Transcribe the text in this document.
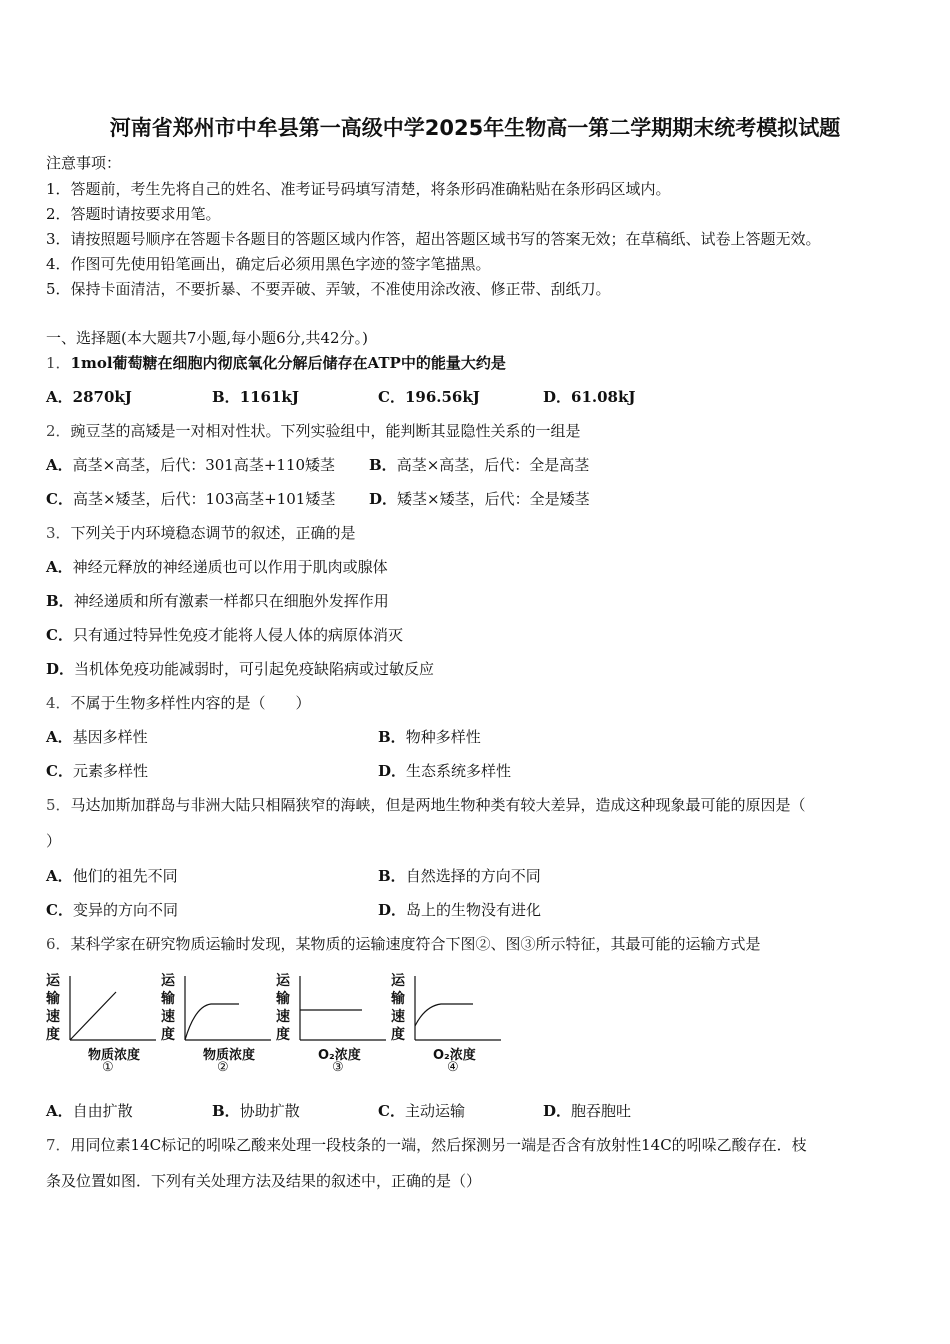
河南省郑州市中牟县第一高级中学2025年生物高一第二学期期末统考模拟试题
注意事项：
1．答题前，考生先将自己的姓名、准考证号码填写清楚，将条形码准确粘贴在条形码区域内。
2．答题时请按要求用笔。
3．请按照题号顺序在答题卡各题目的答题区域内作答，超出答题区域书写的答案无效；在草稿纸、试卷上答题无效。
4．作图可先使用铅笔画出，确定后必须用黑色字迹的签字笔描黑。
5．保持卡面清洁，不要折暴、不要弄破、弄皱，不准使用涂改液、修正带、刮纸刀。
一、选择题(本大题共7小题,每小题6分,共42分。)
1．1mol葡萄糖在细胞内彻底氧化分解后储存在ATP中的能量大约是
A．2870kJ	B．1161kJ	C．196.56kJ	D．61.08kJ
2．豌豆茎的高矮是一对相对性状。下列实验组中，能判断其显隐性关系的一组是
A．高茎×高茎，后代：301高茎+110矮茎 B．高茎×高茎，后代：全是高茎
C．高茎×矮茎，后代：103高茎+101矮茎 D．矮茎×矮茎，后代：全是矮茎
3．下列关于内环境稳态调节的叙述，正确的是
A．神经元释放的神经递质也可以作用于肌肉或腺体
B．神经递质和所有激素一样都只在细胞外发挥作用
C．只有通过特异性免疫才能将人侵人体的病原体消灭
D．当机体免疫功能减弱时，可引起免疫缺陷病或过敏反应
4．不属于生物多样性内容的是（　　）
A．基因多样性	B．物种多样性
C．元素多样性	D．生态系统多样性
5．马达加斯加群岛与非洲大陆只相隔狭窄的海峡，但是两地生物种类有较大差异，造成这种现象最可能的原因是（
）
A．他们的祖先不同	B．自然选择的方向不同
C．变异的方向不同	D．岛上的生物没有进化
6．某科学家在研究物质运输时发现，某物质的运输速度符合下图②、图③所示特征，其最可能的运输方式是
运输速度
物质浓度
①
运输速度
物质浓度
②
运输速度
O₂浓度
③
运输速度
O₂浓度
④
A．自由扩散	B．协助扩散	C．主动运输	D．胞吞胞吐
7．用同位素14C标记的吲哚乙酸来处理一段枝条的一端，然后探测另一端是否含有放射性14C的吲哚乙酸存在．枝
条及位置如图．下列有关处理方法及结果的叙述中，正确的是（）
